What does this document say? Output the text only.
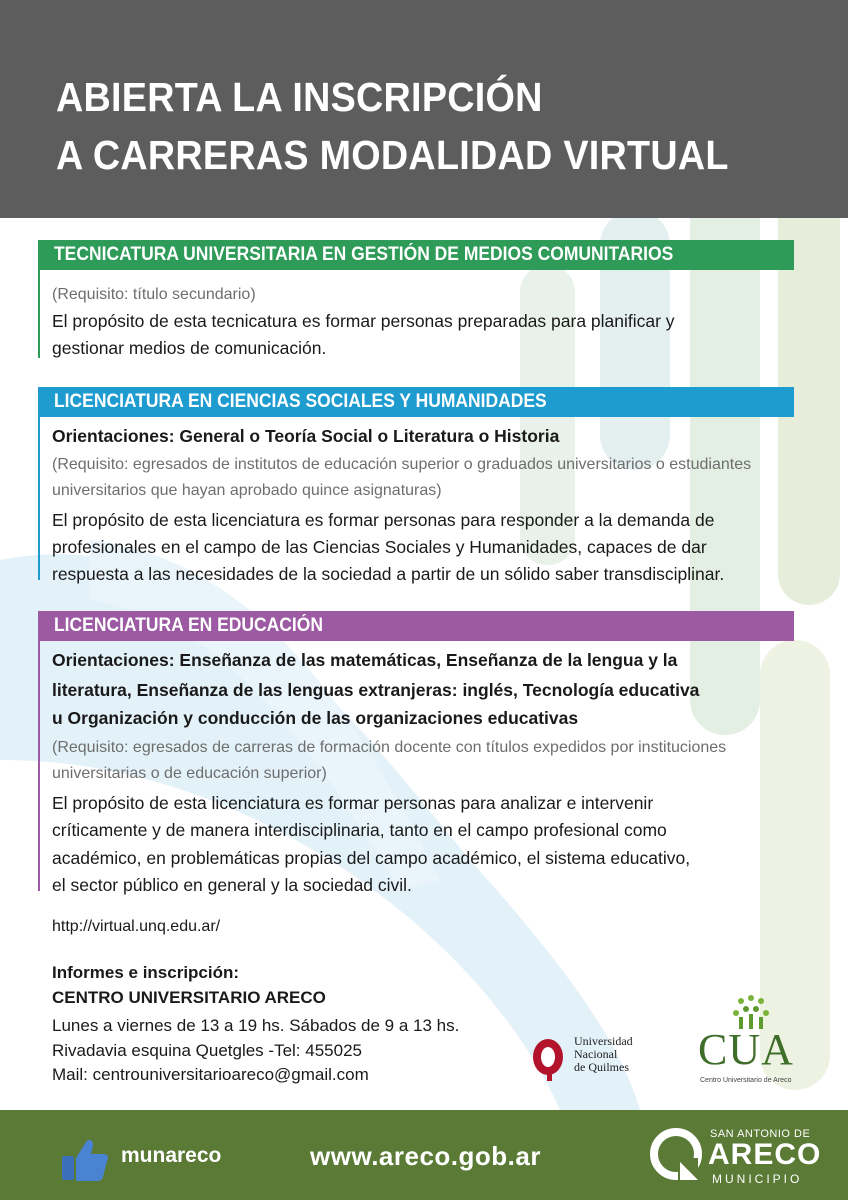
ABIERTA LA INSCRIPCIÓN
A CARRERAS MODALIDAD VIRTUAL
TECNICATURA UNIVERSITARIA EN GESTIÓN DE MEDIOS COMUNITARIOS

(Requisito: título secundario)

El propósito de esta tecnicatura es formar personas preparadas para planificar y

gestionar medios de comunicación.

LICENCIATURA EN CIENCIAS SOCIALES Y HUMANIDADES

Orientaciones: General o Teoría Social o Literatura o Historia

(Requisito: egresados de institutos de educación superior o graduados universitarios o estudiantes

universitarios que hayan aprobado quince asignaturas)

El propósito de esta licenciatura es formar personas para responder a la demanda de

profesionales en el campo de las Ciencias Sociales y Humanidades, capaces de dar

respuesta a las necesidades de la sociedad a partir de un sólido saber transdisciplinar.

LICENCIATURA EN EDUCACIÓN

Orientaciones: Enseñanza de las matemáticas, Enseñanza de la lengua y la

literatura, Enseñanza de las lenguas extranjeras: inglés, Tecnología educativa

u Organización y conducción de las organizaciones educativas

(Requisito: egresados de carreras de formación docente con títulos expedidos por instituciones

universitarias o de educación superior)

El propósito de esta licenciatura es formar personas para analizar e intervenir

críticamente y de manera interdisciplinaria, tanto en el campo profesional como

académico, en problemáticas propias del campo académico, el sistema educativo,

el sector público en general y la sociedad civil.

http://virtual.unq.edu.ar/

Informes e inscripción:

CENTRO UNIVERSITARIO ARECO

Lunes a viernes de 13 a 19 hs. Sábados de 9 a 13 hs.

Rivadavia esquina Quetgles -Tel: 455025

Mail: centrouniversitarioareco@gmail.com

Universidad
Nacional
de Quilmes CUA
Centro Universitario de Areco

munareco	www.areco.gob.ar

SAN ANTONIO DE
ARECO
MUNICIPIO
